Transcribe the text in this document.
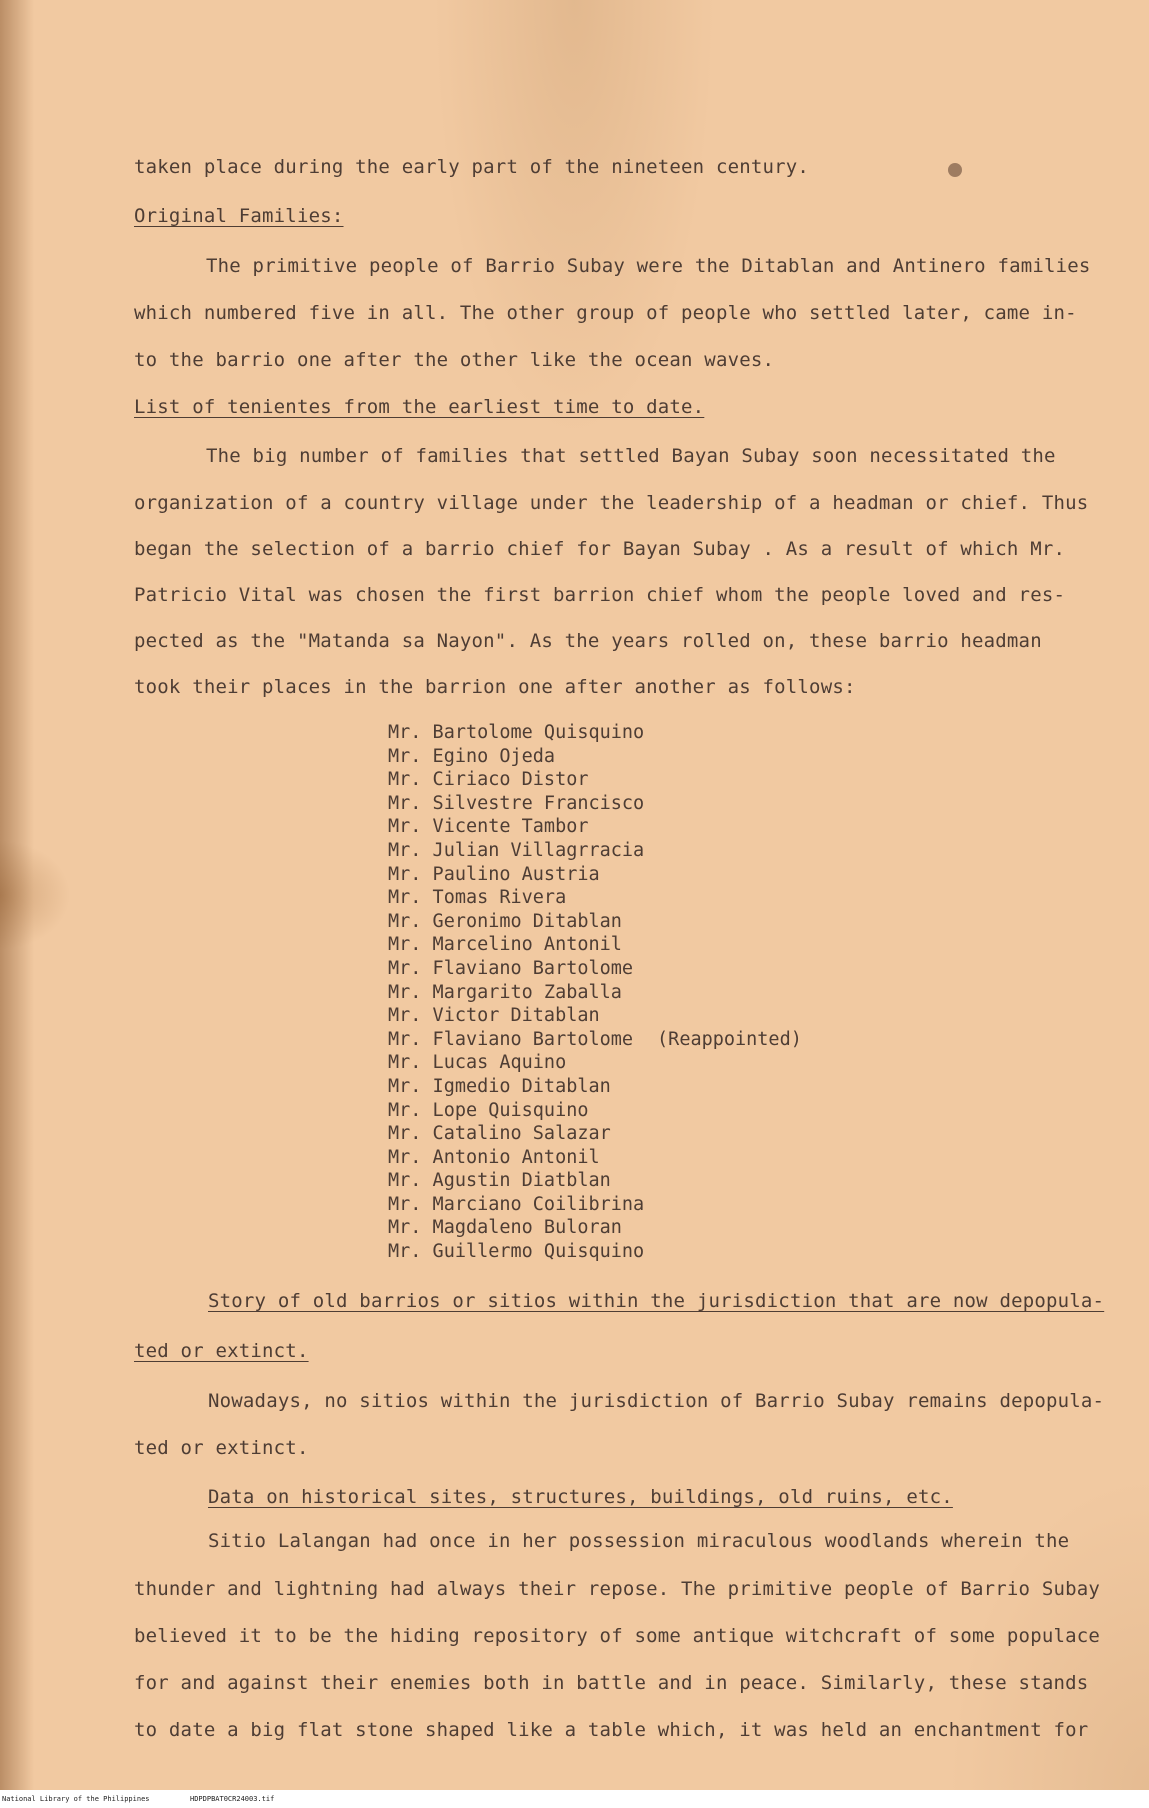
taken place during the early part of the nineteen century.
Original Families:
The primitive people of Barrio Subay were the Ditablan and Antinero families
which numbered five in all. The other group of people who settled later, came in-
to the barrio one after the other like the ocean waves.
List of tenientes from the earliest time to date.
The big number of families that settled Bayan Subay soon necessitated the
organization of a country village under the leadership of a headman or chief. Thus
began the selection of a barrio chief for Bayan Subay . As a result of which Mr.
Patricio Vital was chosen the first barrion chief whom the people loved and res-
pected as the "Matanda sa Nayon". As the years rolled on, these barrio headman
took their places in the barrion one after another as follows:
Mr. Bartolome Quisquino
Mr. Egino Ojeda
Mr. Ciriaco Distor
Mr. Silvestre Francisco
Mr. Vicente Tambor
Mr. Julian Villagrracia
Mr. Paulino Austria
Mr. Tomas Rivera
Mr. Geronimo Ditablan
Mr. Marcelino Antonil
Mr. Flaviano Bartolome
Mr. Margarito Zaballa
Mr. Victor Ditablan
Mr. Flaviano Bartolome (Reappointed)
Mr. Lucas Aquino
Mr. Igmedio Ditablan
Mr. Lope Quisquino
Mr. Catalino Salazar
Mr. Antonio Antonil
Mr. Agustin Diatblan
Mr. Marciano Coilibrina
Mr. Magdaleno Buloran
Mr. Guillermo Quisquino
Story of old barrios or sitios within the jurisdiction that are now depopula-
ted or extinct.
Nowadays, no sitios within the jurisdiction of Barrio Subay remains depopula-
ted or extinct.
Data on historical sites, structures, buildings, old ruins, etc.
Sitio Lalangan had once in her possession miraculous woodlands wherein the
thunder and lightning had always their repose. The primitive people of Barrio Subay
believed it to be the hiding repository of some antique witchcraft of some populace
for and against their enemies both in battle and in peace. Similarly, these stands
to date a big flat stone shaped like a table which, it was held an enchantment for
National Library of the Philippines	HDPDPBAT0CR24003.tif
